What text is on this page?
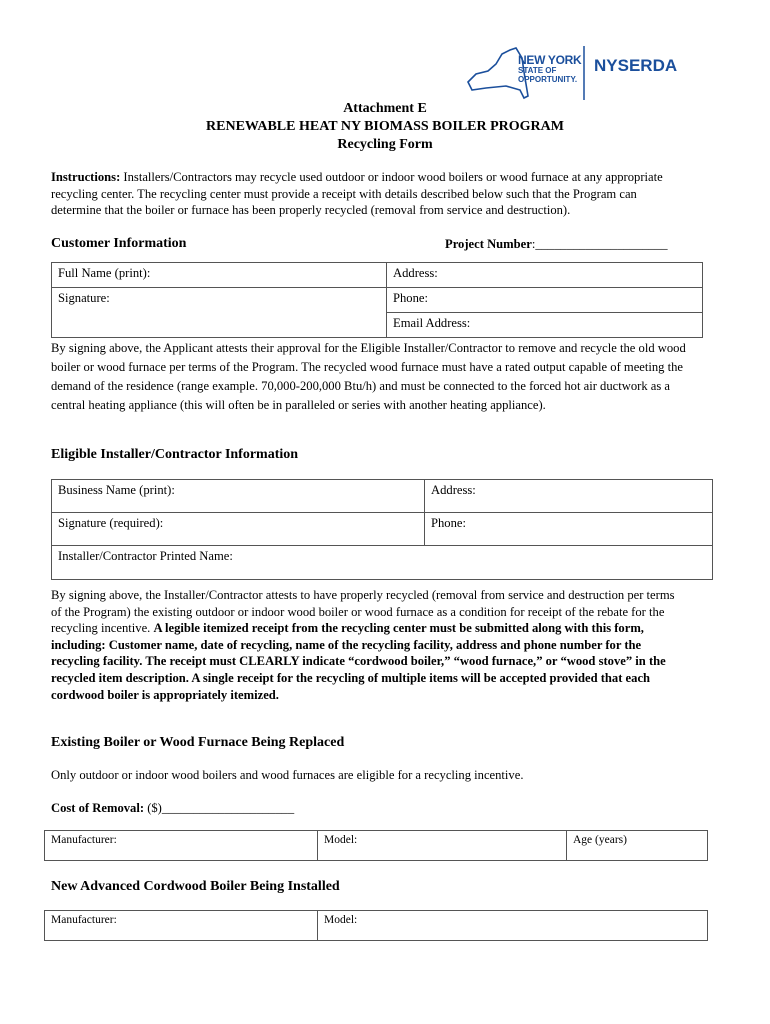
NEW YORK
STATE OF
OPPORTUNITY.
NYSERDA
Attachment E
RENEWABLE HEAT NY BIOMASS BOILER PROGRAM
Recycling Form
Instructions: Installers/Contractors may recycle used outdoor or indoor wood boilers or wood furnace at any appropriate recycling center. The recycling center must provide a receipt with details described below such that the Program can determine that the boiler or furnace has been properly recycled (removal from service and destruction).
Customer Information	Project Number:_____________________
Full Name (print):	Address:
Signature:	Phone:
	Email Address:
By signing above, the Applicant attests their approval for the Eligible Installer/Contractor to remove and recycle the old wood boiler or wood furnace per terms of the Program. The recycled wood furnace must have a rated output capable of meeting the demand of the residence (range example. 70,000-200,000 Btu/h) and must be connected to the forced hot air ductwork as a central heating appliance (this will often be in paralleled or series with another heating appliance).
Eligible Installer/Contractor Information
Business Name (print):	Address:
Signature (required):	Phone:
Installer/Contractor Printed Name:	
By signing above, the Installer/Contractor attests to have properly recycled (removal from service and destruction per terms of the Program) the existing outdoor or indoor wood boiler or wood furnace as a condition for receipt of the rebate for the recycling incentive. A legible itemized receipt from the recycling center must be submitted along with this form, including: Customer name, date of recycling, name of the recycling facility, address and phone number for the recycling facility. The receipt must CLEARLY indicate “cordwood boiler,” “wood furnace,” or “wood stove” in the recycled item description. A single receipt for the recycling of multiple items will be accepted provided that each cordwood boiler is appropriately itemized.
Existing Boiler or Wood Furnace Being Replaced
Only outdoor or indoor wood boilers and wood furnaces are eligible for a recycling incentive.
Cost of Removal: ($)_____________________
Manufacturer:	Model:	Age (years)
New Advanced Cordwood Boiler Being Installed
Manufacturer:	Model:
